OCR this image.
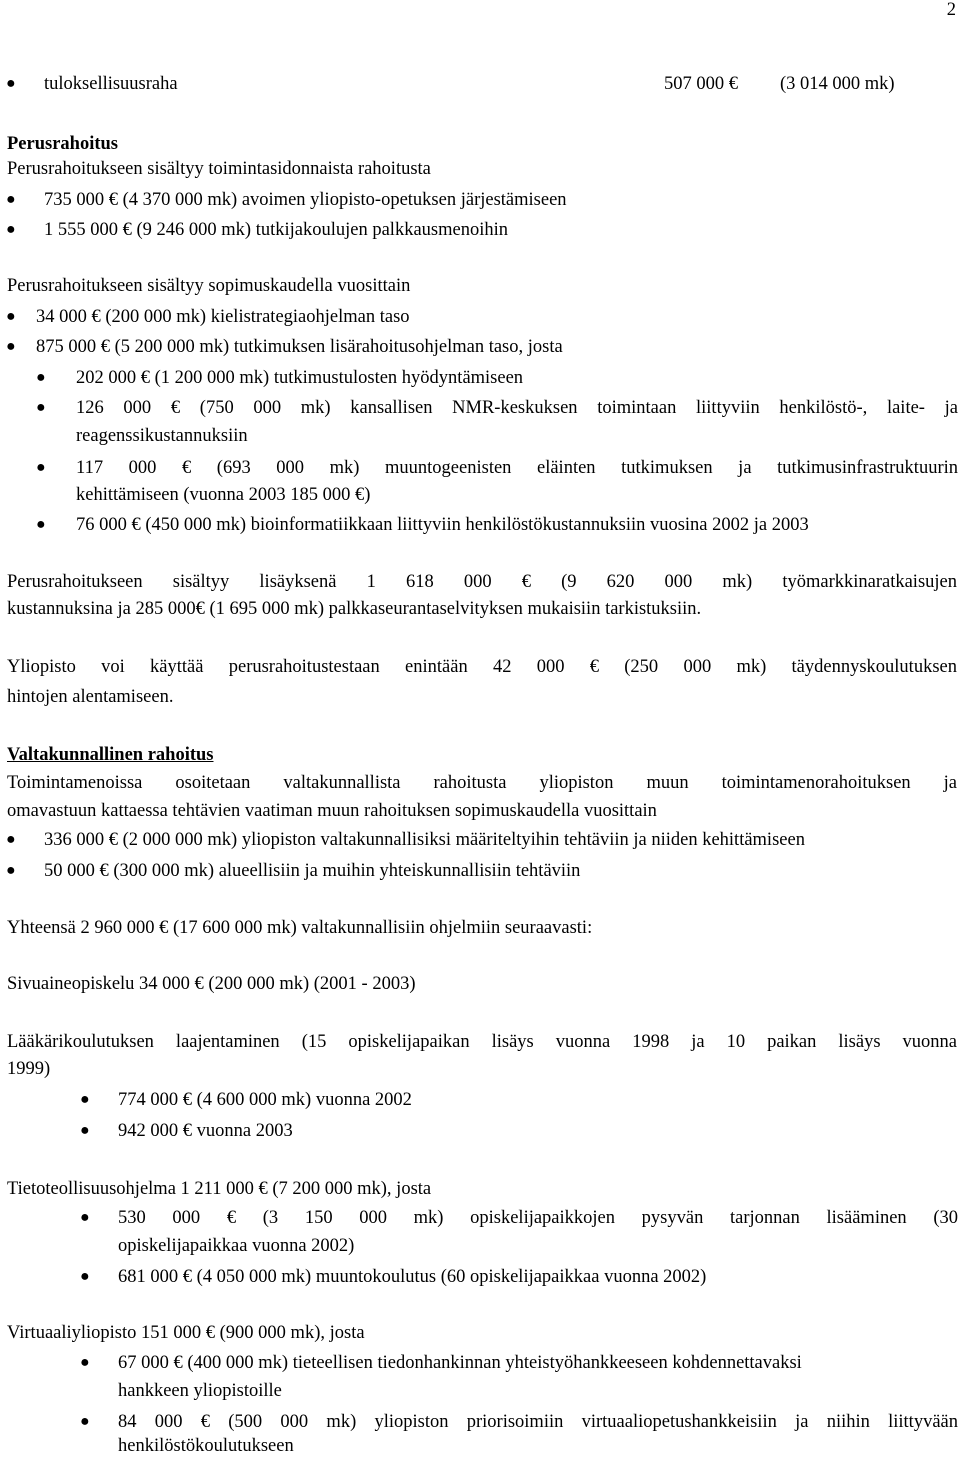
2
● tuloksellisuusraha	507 000 € (3 014 000 mk)
Perusrahoitus
Perusrahoitukseen sisältyy toimintasidonnaista rahoitusta
● 735 000 € (4 370 000 mk) avoimen yliopisto-opetuksen järjestämiseen
● 1 555 000 € (9 246 000 mk) tutkijakoulujen palkkausmenoihin
Perusrahoitukseen sisältyy sopimuskaudella vuosittain
● 34 000 € (200 000 mk) kielistrategiaohjelman taso
● 875 000 € (5 200 000 mk) tutkimuksen lisärahoitusohjelman taso, josta
● 202 000 € (1 200 000 mk) tutkimustulosten hyödyntämiseen
● 126 000 € (750 000 mk) kansallisen NMR-keskuksen toimintaan liittyviin henkilöstö-, laite- ja
reagenssikustannuksiin
● 117 000 € (693 000 mk) muuntogeenisten eläinten tutkimuksen ja tutkimusinfrastruktuurin
kehittämiseen (vuonna 2003 185 000 €)
● 76 000 € (450 000 mk) bioinformatiikkaan liittyviin henkilöstökustannuksiin vuosina 2002 ja 2003
Perusrahoitukseen sisältyy lisäyksenä 1 618 000 € (9 620 000 mk) työmarkkinaratkaisujen
kustannuksina ja 285 000€ (1 695 000 mk) palkkaseurantaselvityksen mukaisiin tarkistuksiin.
Yliopisto voi käyttää perusrahoitustestaan enintään 42 000 € (250 000 mk) täydennyskoulutuksen
hintojen alentamiseen.
Valtakunnallinen rahoitus
Toimintamenoissa osoitetaan valtakunnallista rahoitusta yliopiston muun toimintamenorahoituksen ja
omavastuun kattaessa tehtävien vaatiman muun rahoituksen sopimuskaudella vuosittain
● 336 000 € (2 000 000 mk) yliopiston valtakunnallisiksi määriteltyihin tehtäviin ja niiden kehittämiseen
● 50 000 € (300 000 mk) alueellisiin ja muihin yhteiskunnallisiin tehtäviin
Yhteensä 2 960 000 € (17 600 000 mk) valtakunnallisiin ohjelmiin seuraavasti:
Sivuaineopiskelu 34 000 € (200 000 mk) (2001 - 2003)
Lääkärikoulutuksen laajentaminen (15 opiskelijapaikan lisäys vuonna 1998 ja 10 paikan lisäys vuonna
1999)
● 774 000 € (4 600 000 mk) vuonna 2002
● 942 000 € vuonna 2003
Tietoteollisuusohjelma 1 211 000 € (7 200 000 mk), josta
● 530 000 € (3 150 000 mk) opiskelijapaikkojen pysyvän tarjonnan lisääminen (30
opiskelijapaikkaa vuonna 2002)
● 681 000 € (4 050 000 mk) muuntokoulutus (60 opiskelijapaikkaa vuonna 2002)
Virtuaaliyliopisto 151 000 € (900 000 mk), josta
● 67 000 € (400 000 mk) tieteellisen tiedonhankinnan yhteistyöhankkeeseen kohdennettavaksi
hankkeen yliopistoille
● 84 000 € (500 000 mk) yliopiston priorisoimiin virtuaaliopetushankkeisiin ja niihin liittyvään
henkilöstökoulutukseen
